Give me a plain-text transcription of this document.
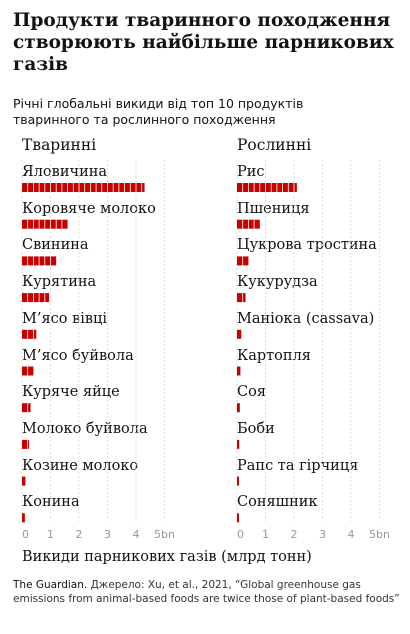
Продукти тваринного походження створюють найбільше парникових газів
Річні глобальні викиди від топ 10 продуктів тваринного та рослинного походження
Тваринні	Рослинні
Яловичина
Коровяче молоко
Свинина
Курятина
М’ясо вівці
М’ясо буйвола
Куряче яйце
Молоко буйвола
Козине молоко
Конина
Рис
Пшениця
Цукрова тростина
Кукурудза
Маніока (cassava)
Картопля
Соя
Боби
Рапс та гірчиця
Соняшник
0 1 2 3 4 5bn	0 1 2 3 4 5bn
Викиди парникових газів (млрд тонн)
The Guardian. Джерело: Xu, et al., 2021, “Global greenhouse gas emissions from animal-based foods are twice those of plant-based foods”
